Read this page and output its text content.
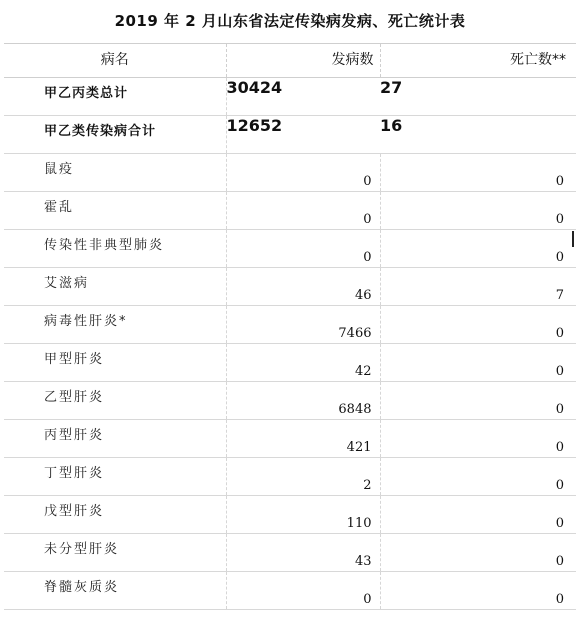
2019 年 2 月山东省法定传染病发病、死亡统计表
病名	发病数	死亡数**
甲乙丙类总计	30424	27
甲乙类传染病合计	12652	16
鼠疫	0	0
霍乱	0	0
传染性非典型肺炎	0	0
艾滋病	46	7
病毒性肝炎*	7466	0
甲型肝炎	42	0
乙型肝炎	6848	0
丙型肝炎	421	0
丁型肝炎	2	0
戊型肝炎	110	0
未分型肝炎	43	0
脊髓灰质炎	0	0
